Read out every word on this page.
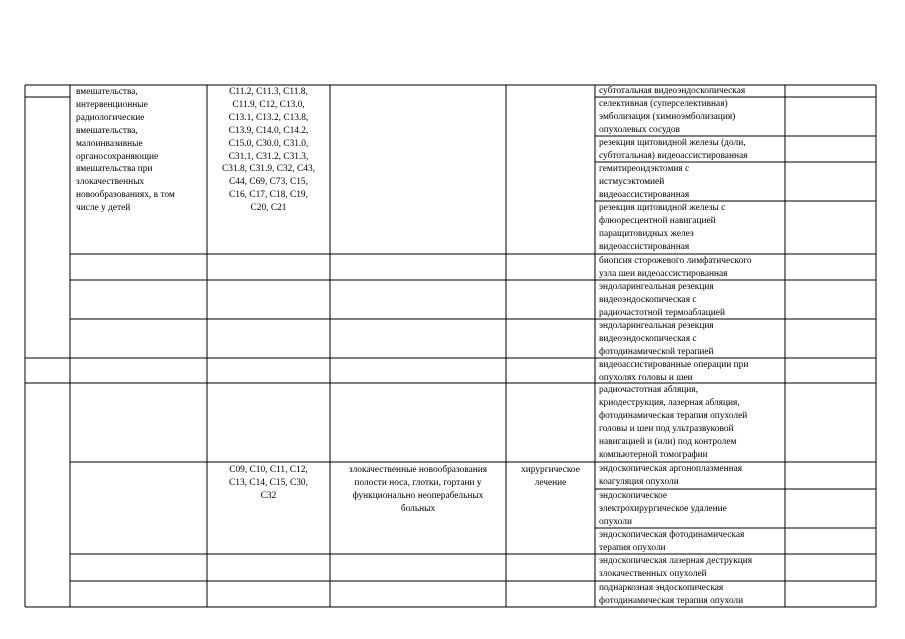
вмешательства,
интервенционные
радиологические
вмешательства,
малоинвазивные
органосохраняющие
вмешательства при
злокачественных
новообразованиях, в том
числе у детей
C11.2, C11.3, C11.8,
C11.9, C12, C13.0,
C13.1, C13.2, C13.8,
C13.9, C14.0, C14.2,
C15.0, C30.0, C31.0,
C31.1, C31.2, C31.3,
C31.8, C31.9, C32, C43,
C44, C69, C73, C15,
C16, C17, C18, C19,
C20, C21
C09, C10, C11, C12,
C13, C14, C15, C30,
C32
злокачественные новообразования
полости носа, глотки, гортани у
функционально неоперабельных
больных
хирургическое
лечение
субтотальная видеоэндоскопическая
селективная (суперселективная)
эмболизация (химиоэмболизация)
опухолевых сосудов
резекция щитовидной железы (доли,
субтотальная) видеоассистированная
гемитиреоидэктомия с
истмусэктомией
видеоассистированная
резекция щитовидной железы с
флюоресцентной навигацией
паращитовидных желез
видеоассистированная
биопсия сторожевого лимфатического
узла шеи видеоассистированная
эндоларингеальная резекция
видеоэндоскопическая с
радиочастотной термоаблацией
эндоларингеальная резекция
видеоэндоскопическая с
фотодинамической терапией
видеоассистированные операции при
опухолях головы и шеи
радиочастотная абляция,
криодеструкция, лазерная абляция,
фотодинамическая терапия опухолей
головы и шеи под ультразвуковой
навигацией и (или) под контролем
компьютерной томографии
эндоскопическая аргоноплазменная
коагуляция опухоли
эндоскопическое
электрохирургическое удаление
опухоли
эндоскопическая фотодинамическая
терапия опухоли
эндоскопическая лазерная деструкция
злокачественных опухолей
поднаркозная эндоскопическая
фотодинамическая терапия опухоли
